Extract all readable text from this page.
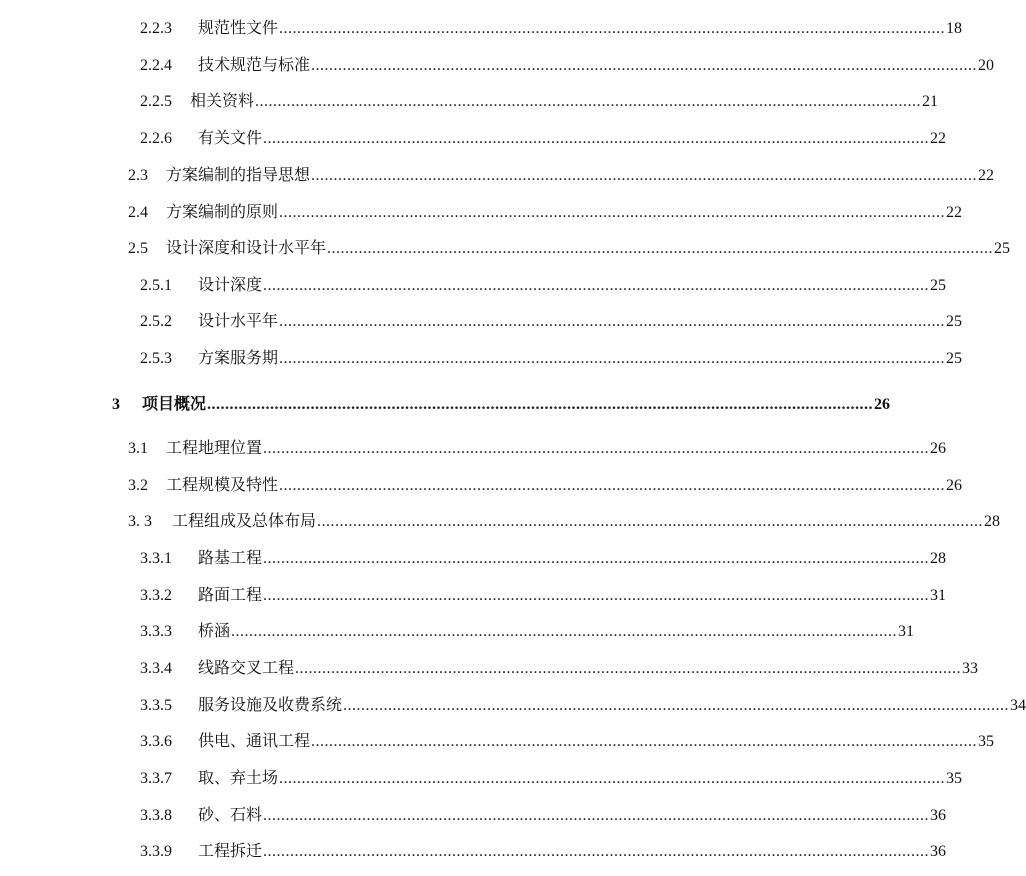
2.2.3	规范性文件 .................................................................................................................................................... 18
2.2.4	技术规范与标准 .................................................................................................................................................... 20
2.2.5	相关资料 .................................................................................................................................................... 21
2.2.6	有关文件 .................................................................................................................................................... 22
2.3	方案编制的指导思想 .................................................................................................................................................... 22
2.4	方案编制的原则 .................................................................................................................................................... 22
2.5	设计深度和设计水平年 .................................................................................................................................................... 25
2.5.1	设计深度 .................................................................................................................................................... 25
2.5.2	设计水平年 .................................................................................................................................................... 25
2.5.3	方案服务期 .................................................................................................................................................... 25
3	项目概况 .................................................................................................................................................... 26
3.1	工程地理位置 .................................................................................................................................................... 26
3.2	工程规模及特性 .................................................................................................................................................... 26
3. 3	工程组成及总体布局 .................................................................................................................................................... 28
3.3.1	路基工程 .................................................................................................................................................... 28
3.3.2	路面工程 .................................................................................................................................................... 31
3.3.3	桥涵 .................................................................................................................................................... 31
3.3.4	线路交叉工程 .................................................................................................................................................... 33
3.3.5	服务设施及收费系统 .................................................................................................................................................... 34
3.3.6	供电、通讯工程 .................................................................................................................................................... 35
3.3.7	取、弃土场 .................................................................................................................................................... 35
3.3.8	砂、石料 .................................................................................................................................................... 36
3.3.9	工程拆迁 .................................................................................................................................................... 36
